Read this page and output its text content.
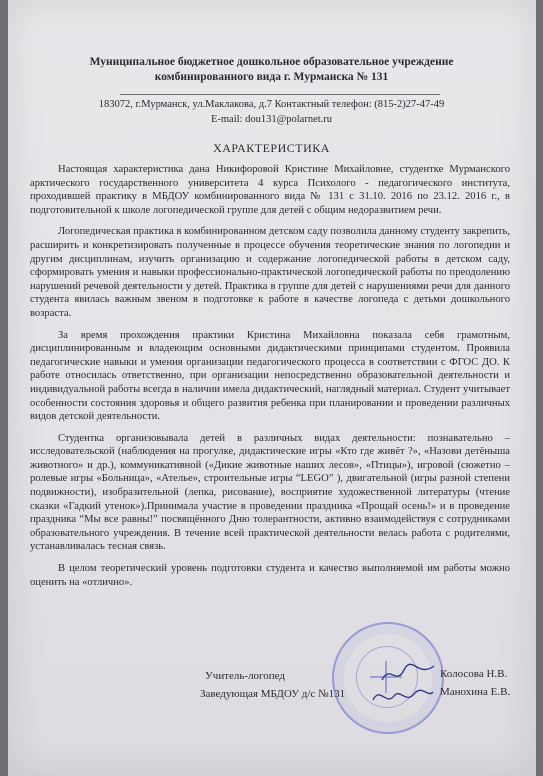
Муниципальное бюджетное дошкольное образовательное учреждение
комбинированного вида г. Мурманска № 131
183072, г.Мурманск, ул.Маклакова, д.7 Контактный телефон: (815-2)27-47-49
E-mail: dou131@polarnet.ru
ХАРАКТЕРИСТИКА

Настоящая характеристика дана Никифоровой Кристине Михайловне, студентке Мурманского арктического государственного университета 4 курса Психолого - педагогического института, проходившей практику в МБДОУ комбинированного вида № 131 с 31.10. 2016 по 23.12. 2016 г., в подготовительной к школе логопедической группе для детей с общим недоразвитием речи.

Логопедическая практика в комбинированном детском саду позволила данному студенту закрепить, расширить и конкретизировать полученные в процессе обучения теоретические знания по логопедии и другим дисциплинам, изучить организацию и содержание логопедической работы в детском саду, сформировать умения и навыки профессионально-практической логопедической работы по преодолению нарушений речевой деятельности у детей. Практика в группе для детей с нарушениями речи для данного студента явилась важным звеном в подготовке к работе в качестве логопеда с детьми дошкольного возраста.

За время прохождения практики Кристина Михайловна показала себя грамотным, дисциплинированным и владеющим основными дидактическими принципами студентом. Проявила педагогические навыки и умения организации педагогического процесса в соответствии с ФГОС ДО. К работе относилась ответственно, при организации непосредственно образовательной деятельности и индивидуальной работы всегда в наличии имела дидактический, наглядный материал. Студент учитывает особенности состояния здоровья и общего развития ребенка при планировании и проведении различных видов детской деятельности.

Студентка организовывала детей в различных видах деятельности: познавательно – исследовательской (наблюдения на прогулке, дидактические игры «Кто где живёт ?», «Назови детёныша животного» и др.), коммуникативной («Дикие животные наших лесов», «Птицы»), игровой (сюжетно – ролевые игры «Больница», «Ателье», строительные игры “LEGO” ), двигательной (игры разной степени подвижности), изобразительной (лепка, рисование), восприятие художественной литературы (чтение сказки «Гадкий утенок»).Принимала участие в проведении праздника «Прощай осень!» и в проведение праздника “Мы все равны!” посвящённого Дню толерантности, активно взаимодействуя с сотрудниками образовательного учреждения. В течение всей практической деятельности велась работа с родителями, устанавливалась тесная связь.

В целом теоретический уровень подготовки студента и качество выполняемой им работы можно оценить на «отлично».

Учитель-логопед	Колосова Н.В.
Заведующая МБДОУ д/с №131	Манохина Е.В.
